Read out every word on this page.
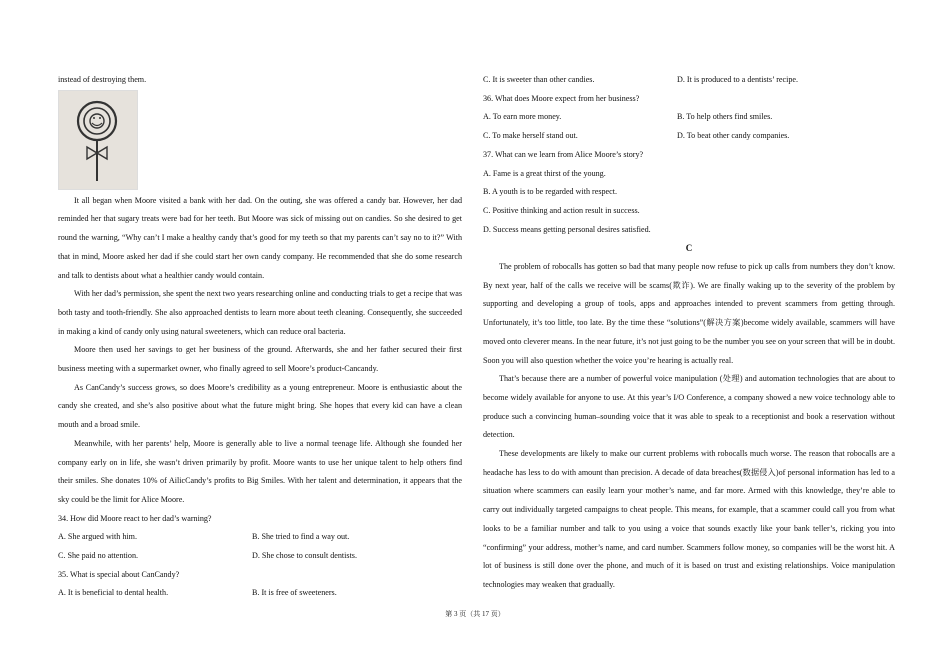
instead of destroying them.

It all began when Moore visited a bank with her dad. On the outing, she was offered a candy bar. However, her dad reminded her that sugary treats were bad for her teeth. But Moore was sick of missing out on candies. So she desired to get round the warning, “Why can’t I make a healthy candy that’s good for my teeth so that my parents can’t say no to it?” With that in mind, Moore asked her dad if she could start her own candy company. He recommended that she do some research and talk to dentists about what a healthier candy would contain.

With her dad’s permission, she spent the next two years researching online and conducting trials to get a recipe that was both tasty and tooth-friendly. She also approached dentists to learn more about teeth cleaning. Consequently, she succeeded in making a kind of candy only using natural sweeteners, which can reduce oral bacteria.

Moore then used her savings to get her business of the ground. Afterwards, she and her father secured their first business meeting with a supermarket owner, who finally agreed to sell Moore’s product-Cancandy.

As CanCandy’s success grows, so does Moore’s credibility as a young entrepreneur. Moore is enthusiastic about the candy she created, and she’s also positive about what the future might bring. She hopes that every kid can have a clean mouth and a broad smile.

Meanwhile, with her parents’ help, Moore is generally able to live a normal teenage life. Although she founded her company early on in life, she wasn’t driven primarily by profit. Moore wants to use her unique talent to help others find their smiles. She donates 10% of AilicCandy’s profits to Big Smiles. With her talent and determination, it appears that the sky could be the limit for Alice Moore.

34. How did Moore react to her dad’s warning?

A. She argued with him.	B. She tried to find a way out.
C. She paid no attention.	D. She chose to consult dentists.

35. What is special about CanCandy?

A. It is beneficial to dental health.	B. It is free of sweeteners.
C. It is sweeter than other candies.	D. It is produced to a dentists’ recipe.

36. What does Moore expect from her business?

A. To earn more money.	B. To help others find smiles.
C. To make herself stand out.	D. To beat other candy companies.

37. What can we learn from Alice Moore’s story?

A. Fame is a great thirst of the young.

B. A youth is to be regarded with respect.

C. Positive thinking and action result in success.

D. Success means getting personal desires satisfied.

C

The problem of robocalls has gotten so bad that many people now refuse to pick up calls from numbers they don’t know. By next year, half of the calls we receive will be scams(欺诈). We are finally waking up to the severity of the problem by supporting and developing a group of tools, apps and approaches intended to prevent scammers from getting through. Unfortunately, it’s too little, too late. By the time these “solutions”(解决方案)become widely available, scammers will have moved onto cleverer means. In the near future, it’s not just going to be the number you see on your screen that will be in doubt. Soon you will also question whether the voice you’re hearing is actually real.

That’s because there are a number of powerful voice manipulation (处理) and automation technologies that are about to become widely available for anyone to use. At this year’s I/O Conference, a company showed a new voice technology able to produce such a convincing human–sounding voice that it was able to speak to a receptionist and book a reservation without detection.

These developments are likely to make our current problems with robocalls much worse. The reason that robocalls are a headache has less to do with amount than precision. A decade of data breaches(数据侵入)of personal information has led to a situation where scammers can easily learn your mother’s name, and far more. Armed with this knowledge, they’re able to carry out individually targeted campaigns to cheat people. This means, for example, that a scammer could call you from what looks to be a familiar number and talk to you using a voice that sounds exactly like your bank teller’s, ricking you into “confirming” your address, mother’s name, and card number. Scammers follow money, so companies will be the worst hit. A lot of business is still done over the phone, and much of it is based on trust and existing relationships. Voice manipulation technologies may weaken that gradually.

第 3 页（共 17 页）
